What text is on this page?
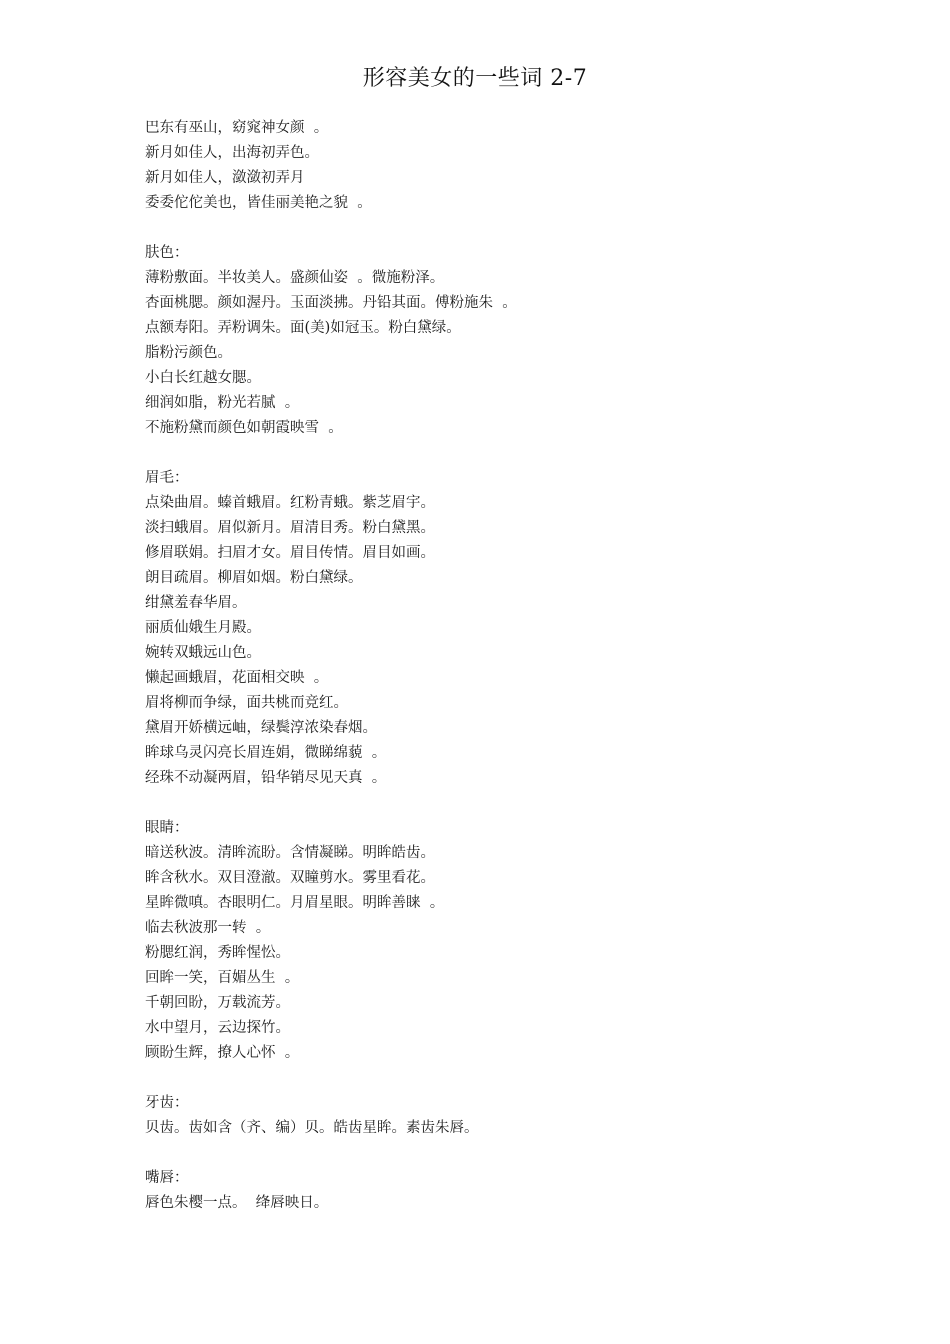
形容美女的一些词 2-7
巴东有巫山，窈窕神女颜  。
新月如佳人，出海初弄色。
新月如佳人，潋潋初弄月
委委佗佗美也，皆佳丽美艳之貌  。
肤色：
薄粉敷面。半妆美人。盛颜仙姿  。微施粉泽。
杏面桃腮。颜如渥丹。玉面淡拂。丹铅其面。傅粉施朱  。
点额寿阳。弄粉调朱。面(美)如冠玉。粉白黛绿。
脂粉污颜色。
小白长红越女腮。
细润如脂，粉光若腻  。
不施粉黛而颜色如朝霞映雪  。
眉毛：
点染曲眉。螓首蛾眉。红粉青蛾。紫芝眉宇。
淡扫蛾眉。眉似新月。眉清目秀。粉白黛黑。
修眉联娟。扫眉才女。眉目传情。眉目如画。
朗目疏眉。柳眉如烟。粉白黛绿。
绀黛羞春华眉。
丽质仙娥生月殿。
婉转双蛾远山色。
懒起画蛾眉，花面相交映  。
眉将柳而争绿，面共桃而竞红。
黛眉开娇横远岫，绿鬓淳浓染春烟。
眸球乌灵闪亮长眉连娟，微睇绵藐  。
经珠不动凝两眉，铅华销尽见天真  。
眼睛：
暗送秋波。清眸流盼。含情凝睇。明眸皓齿。
眸含秋水。双目澄澈。双瞳剪水。雾里看花。
星眸微嗔。杏眼明仁。月眉星眼。明眸善睐  。
临去秋波那一转  。
粉腮红润，秀眸惺忪。
回眸一笑，百媚丛生  。
千朝回盼，万载流芳。
水中望月，云边探竹。
顾盼生辉，撩人心怀  。
牙齿：
贝齿。齿如含（齐、编）贝。皓齿星眸。素齿朱唇。
嘴唇：
唇色朱樱一点。  绛唇映日。
